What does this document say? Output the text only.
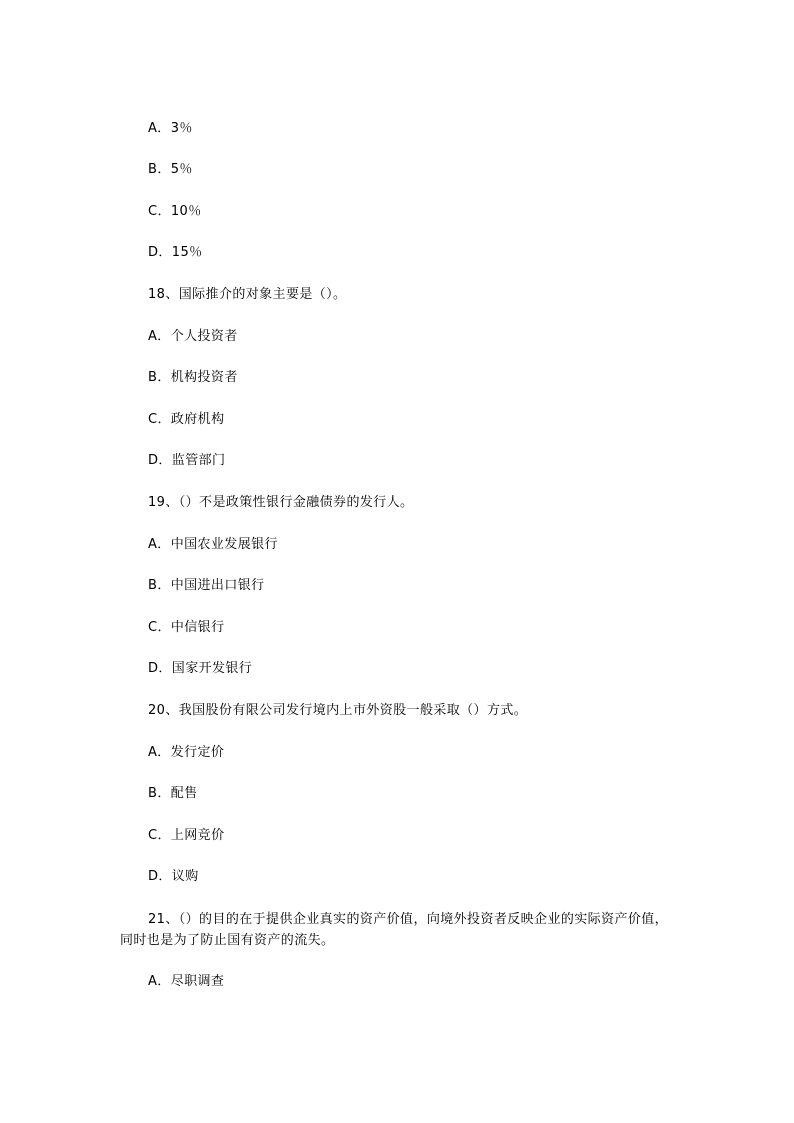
A．3％
B．5％
C．10％
D．15％
18、国际推介的对象主要是（）。
A．个人投资者
B．机构投资者
C．政府机构
D．监管部门
19、（）不是政策性银行金融债券的发行人。
A．中国农业发展银行
B．中国进出口银行
C．中信银行
D．国家开发银行
20、我国股份有限公司发行境内上市外资股一般采取（）方式。
A．发行定价
B．配售
C．上网竞价
D．议购
21、（）的目的在于提供企业真实的资产价值，向境外投资者反映企业的实际资产价值，同时也是为了防止国有资产的流失。
A．尽职调查
